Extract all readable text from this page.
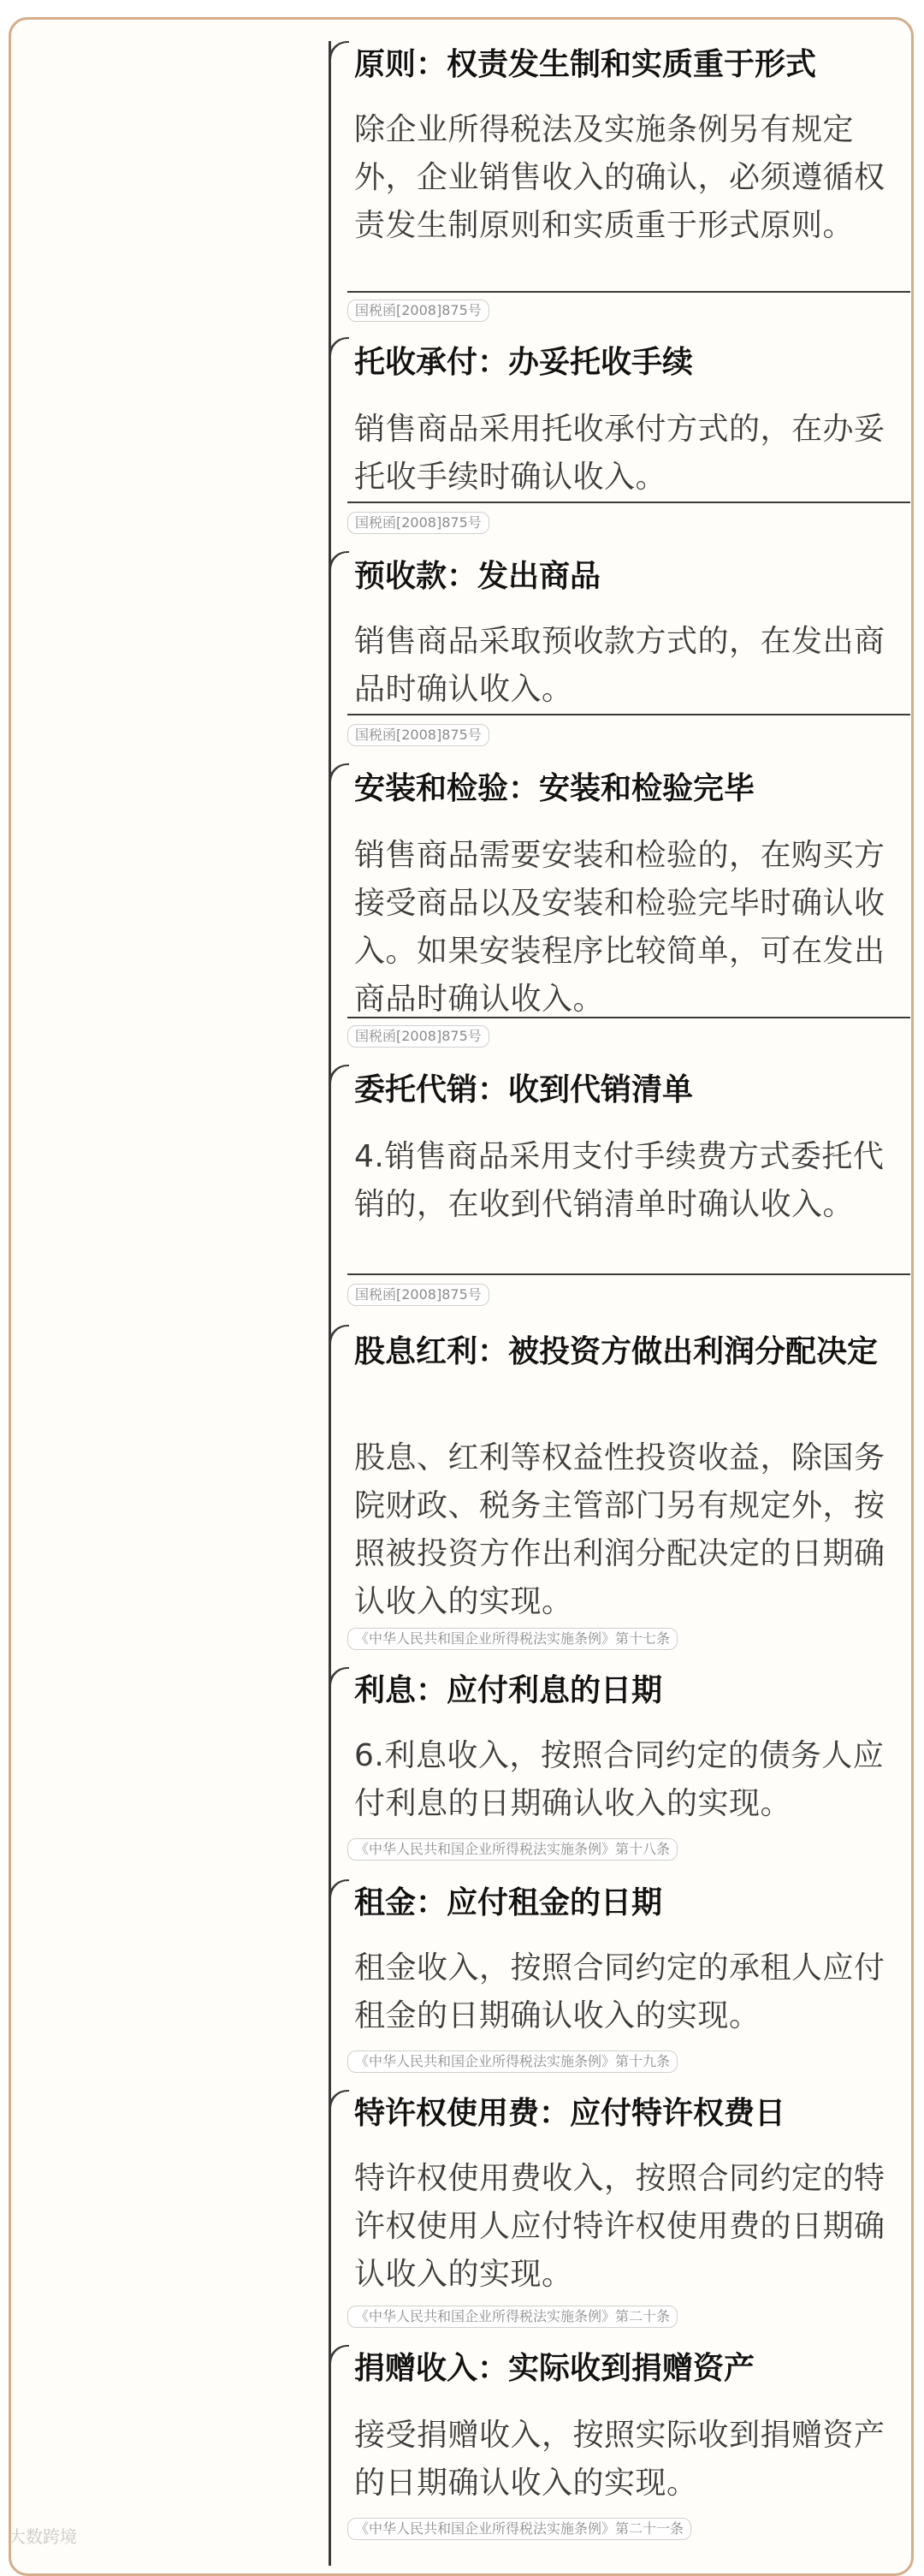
原则：权责发生制和实质重于形式
除企业所得税法及实施条例另有规定外，企业销售收入的确认，必须遵循权责发生制原则和实质重于形式原则。
国税函[2008]875号
托收承付：办妥托收手续
销售商品采用托收承付方式的，在办妥托收手续时确认收入。
国税函[2008]875号
预收款：发出商品
销售商品采取预收款方式的，在发出商品时确认收入。
国税函[2008]875号
安装和检验：安装和检验完毕
销售商品需要安装和检验的，在购买方接受商品以及安装和检验完毕时确认收入。如果安装程序比较简单，可在发出商品时确认收入。
国税函[2008]875号
委托代销：收到代销清单
4.销售商品采用支付手续费方式委托代销的，在收到代销清单时确认收入。
国税函[2008]875号
股息红利：被投资方做出利润分配决定
股息、红利等权益性投资收益，除国务院财政、税务主管部门另有规定外，按照被投资方作出利润分配决定的日期确认收入的实现。
《中华人民共和国企业所得税法实施条例》第十七条
利息：应付利息的日期
6.利息收入，按照合同约定的债务人应付利息的日期确认收入的实现。
《中华人民共和国企业所得税法实施条例》第十八条
租金：应付租金的日期
租金收入，按照合同约定的承租人应付租金的日期确认收入的实现。
《中华人民共和国企业所得税法实施条例》第十九条
特许权使用费：应付特许权费日
特许权使用费收入，按照合同约定的特许权使用人应付特许权使用费的日期确认收入的实现。
《中华人民共和国企业所得税法实施条例》第二十条
捐赠收入：实际收到捐赠资产
接受捐赠收入，按照实际收到捐赠资产的日期确认收入的实现。
《中华人民共和国企业所得税法实施条例》第二十一条
大数跨境
